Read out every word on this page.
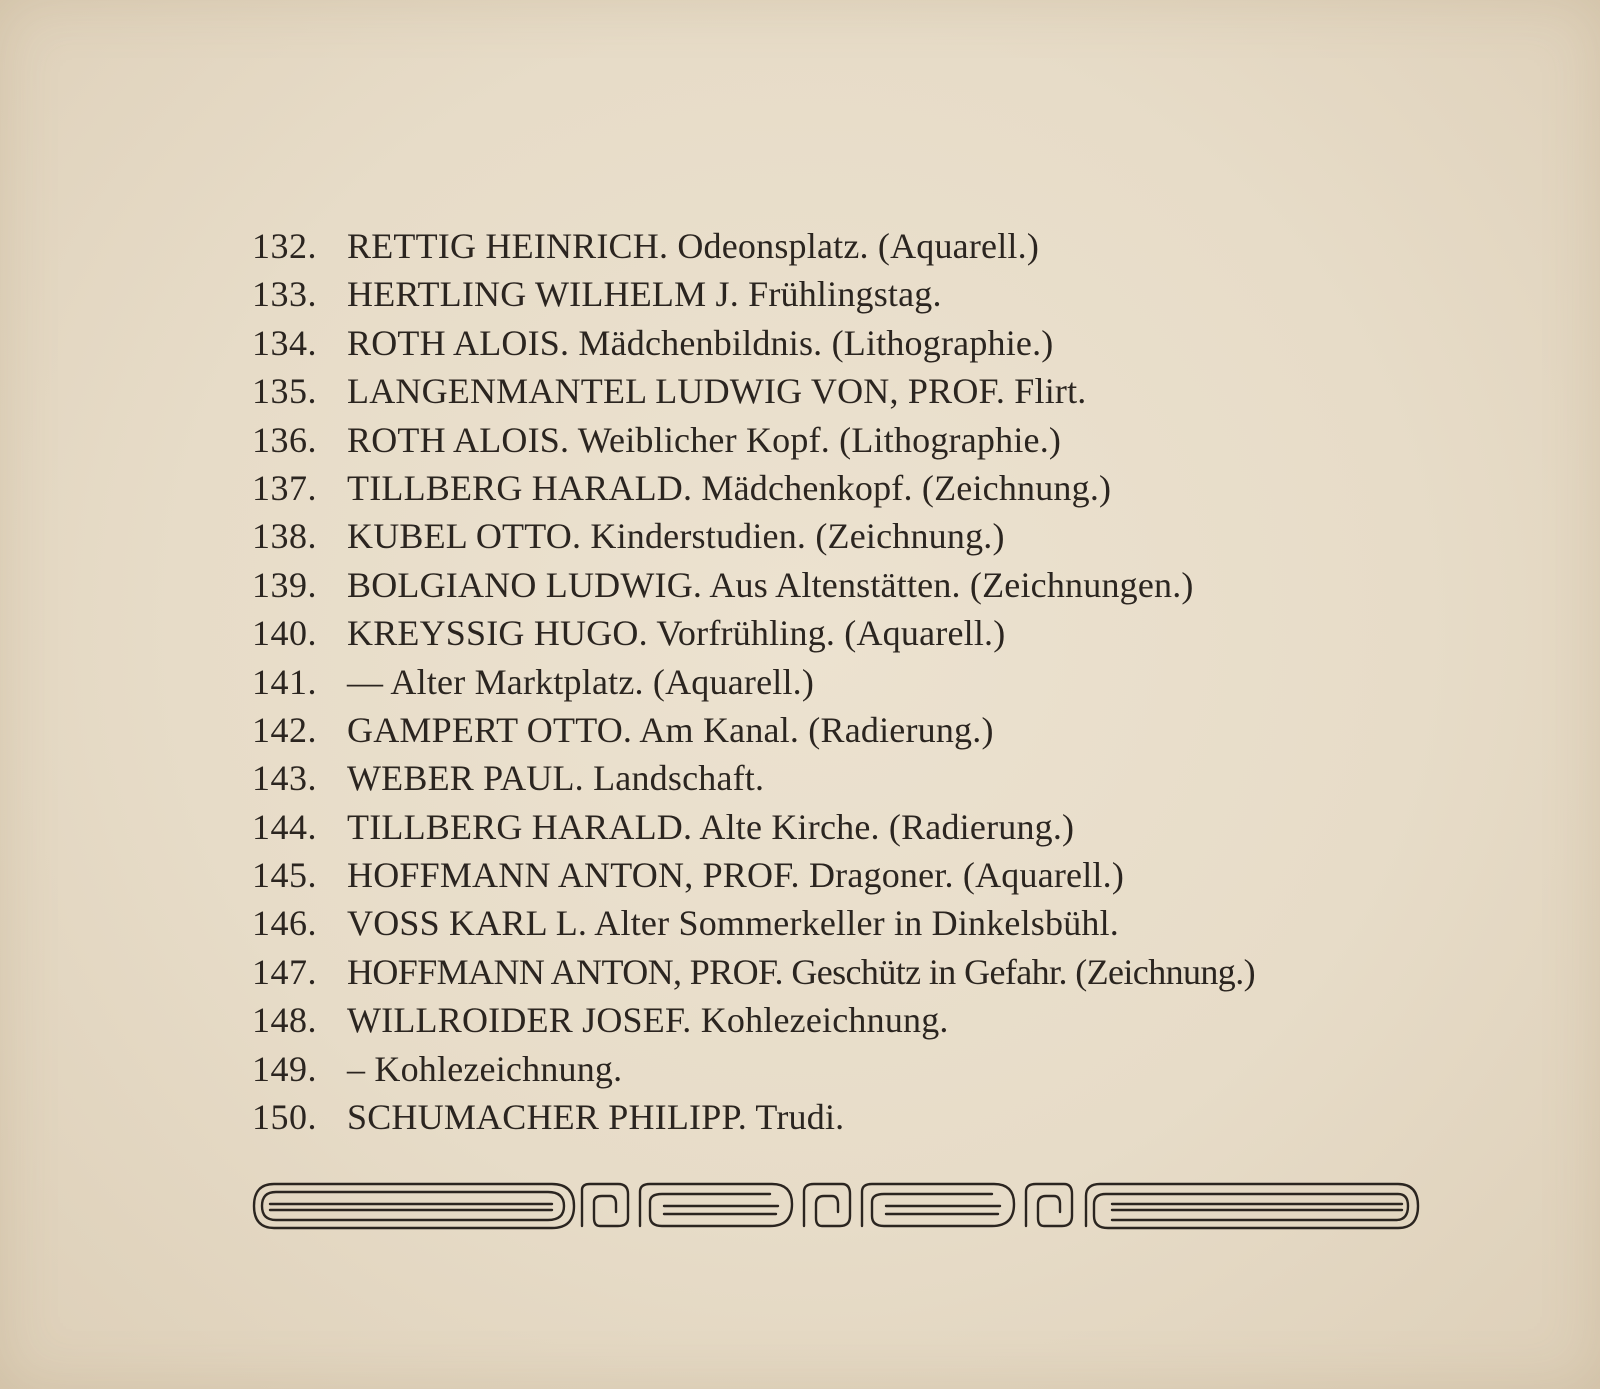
132. RETTIG HEINRICH. Odeonsplatz. (Aquarell.)
133. HERTLING WILHELM J. Frühlingstag.
134. ROTH ALOIS. Mädchenbildnis. (Lithographie.)
135. LANGENMANTEL LUDWIG VON, PROF. Flirt.
136. ROTH ALOIS. Weiblicher Kopf. (Lithographie.)
137. TILLBERG HARALD. Mädchenkopf. (Zeichnung.)
138. KUBEL OTTO. Kinderstudien. (Zeichnung.)
139. BOLGIANO LUDWIG. Aus Altenstätten. (Zeichnungen.)
140. KREYSSIG HUGO. Vorfrühling. (Aquarell.)
141. — Alter Marktplatz. (Aquarell.)
142. GAMPERT OTTO. Am Kanal. (Radierung.)
143. WEBER PAUL. Landschaft.
144. TILLBERG HARALD. Alte Kirche. (Radierung.)
145. HOFFMANN ANTON, PROF. Dragoner. (Aquarell.)
146. VOSS KARL L. Alter Sommerkeller in Dinkelsbühl.
147. HOFFMANN ANTON, PROF. Geschütz in Gefahr. (Zeichnung.)
148. WILLROIDER JOSEF. Kohlezeichnung.
149. – Kohlezeichnung.
150. SCHUMACHER PHILIPP. Trudi.
